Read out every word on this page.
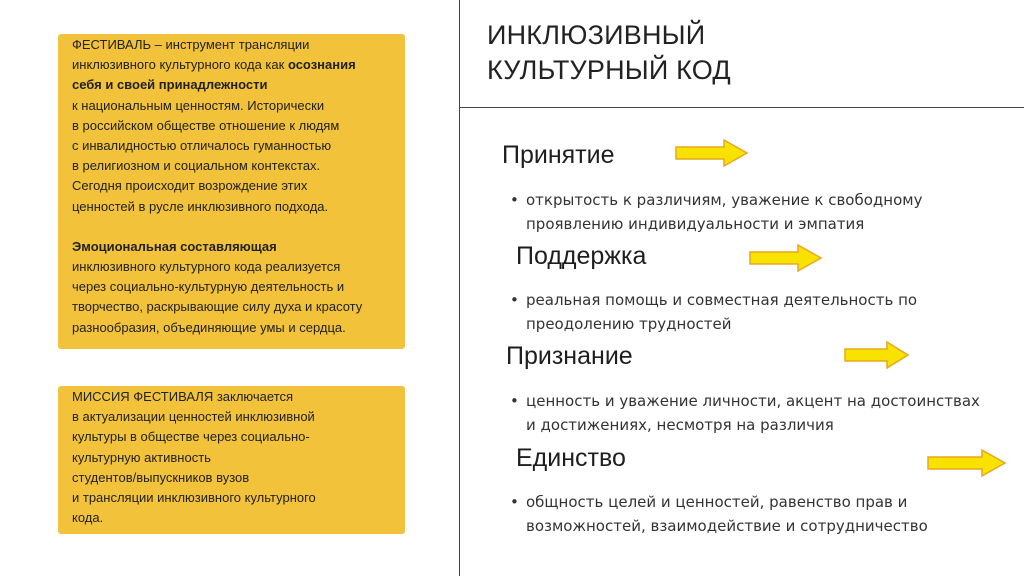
ФЕСТИВАЛЬ – инструмент трансляции
инклюзивного культурного кода как осознания
себя и своей принадлежности
к национальным ценностям. Исторически
в российском обществе отношение к людям
с инвалидностью отличалось гуманностью
в религиозном и социальном контекстах.
Сегодня происходит возрождение этих
ценностей в русле инклюзивного подхода.

Эмоциональная составляющая
инклюзивного культурного кода реализуется
через социально-культурную деятельность и
творчество, раскрывающие силу духа и красоту
разнообразия, объединяющие умы и сердца.

МИССИЯ ФЕСТИВАЛЯ заключается
в актуализации ценностей инклюзивной
культуры в обществе через социально-
культурную активность
студентов/выпускников вузов
и трансляции инклюзивного культурного
кода.

ИНКЛЮЗИВНЫЙ
КУЛЬТУРНЫЙ КОД
Принятие
• открытость к различиям, уважение к свободному
проявлению индивидуальности и эмпатия
Поддержка
• реальная помощь и совместная деятельность по
преодолению трудностей
Признание
• ценность и уважение личности, акцент на достоинствах
и достижениях, несмотря на различия
Единство
• общность целей и ценностей, равенство прав и
возможностей, взаимодействие и сотрудничество
